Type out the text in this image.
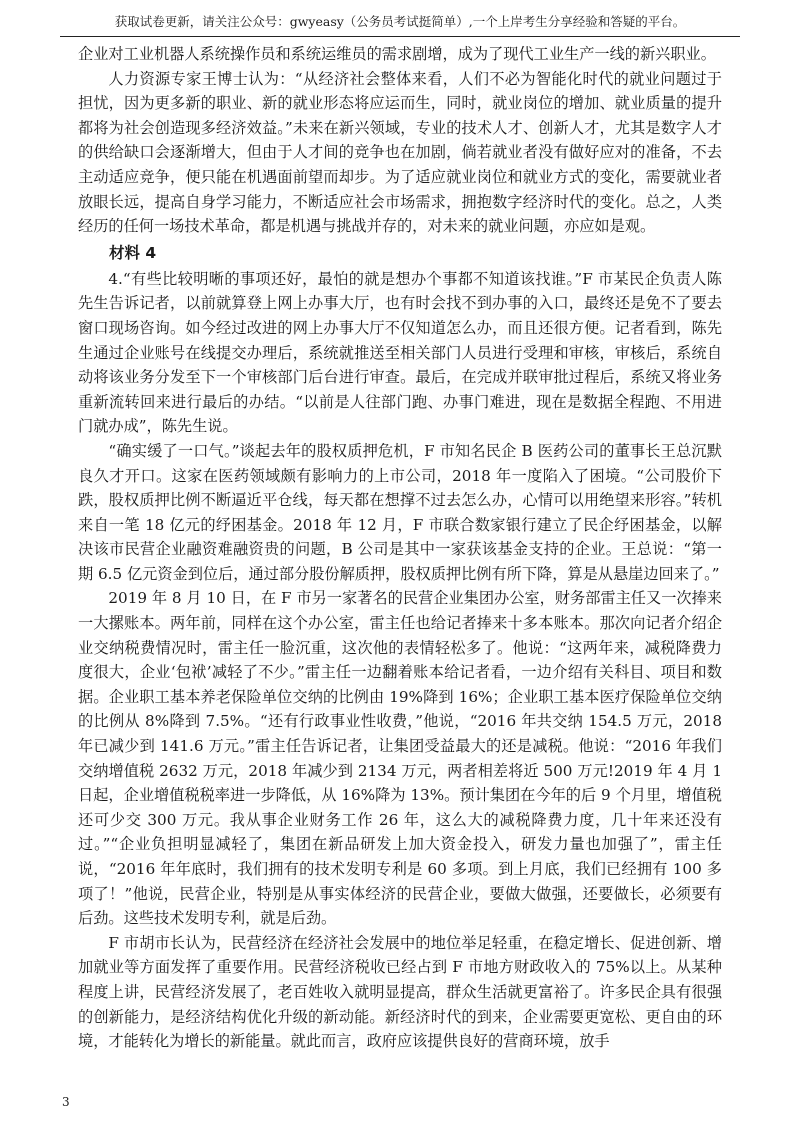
获取试卷更新，请关注公众号：gwyeasy（公务员考试挺简单）,一个上岸考生分享经验和答疑的平台。

企业对工业机器人系统操作员和系统运维员的需求剧增，成为了现代工业生产一线的新兴职业。

人力资源专家王博士认为：“从经济社会整体来看，人们不必为智能化时代的就业问题过于担忧，因为更多新的职业、新的就业形态将应运而生，同时，就业岗位的增加、就业质量的提升都将为社会创造现多经济效益。”未来在新兴领域，专业的技术人才、创新人才，尤其是数字人才的供给缺口会逐渐增大，但由于人才间的竞争也在加剧，倘若就业者没有做好应对的准备，不去主动适应竞争，便只能在机遇面前望而却步。为了适应就业岗位和就业方式的变化，需要就业者放眼长远，提高自身学习能力，不断适应社会市场需求，拥抱数字经济时代的变化。总之，人类经历的任何一场技术革命，都是机遇与挑战并存的，对未来的就业问题，亦应如是观。

材料 4

4.“有些比较明晰的事项还好，最怕的就是想办个事都不知道该找谁。”F 市某民企负责人陈先生告诉记者，以前就算登上网上办事大厅，也有时会找不到办事的入口，最终还是免不了要去窗口现场咨询。如今经过改进的网上办事大厅不仅知道怎么办，而且还很方便。记者看到，陈先生通过企业账号在线提交办理后，系统就推送至相关部门人员进行受理和审核，审核后，系统自动将该业务分发至下一个审核部门后台进行审查。最后，在完成并联审批过程后，系统又将业务重新流转回来进行最后的办结。“以前是人往部门跑、办事门难进，现在是数据全程跑、不用进门就办成”，陈先生说。

“确实缓了一口气。”谈起去年的股权质押危机，F 市知名民企 B 医药公司的董事长王总沉默良久才开口。这家在医药领域颇有影响力的上市公司，2018 年一度陷入了困境。“公司股价下跌，股权质押比例不断逼近平仓线，每天都在想撑不过去怎么办，心情可以用绝望来形容。”转机来自一笔 18 亿元的纾困基金。2018 年 12 月，F 市联合数家银行建立了民企纾困基金，以解决该市民营企业融资难融资贵的问题，B 公司是其中一家获该基金支持的企业。王总说：“第一期 6.5 亿元资金到位后，通过部分股份解质押，股权质押比例有所下降，算是从悬崖边回来了。”

2019 年 8 月 10 日，在 F 市另一家著名的民营企业集团办公室，财务部雷主任又一次捧来一大摞账本。两年前，同样在这个办公室，雷主任也给记者捧来十多本账本。那次向记者介绍企业交纳税费情况时，雷主任一脸沉重，这次他的表情轻松多了。他说：“这两年来，减税降费力度很大，企业‘包袱’减轻了不少。”雷主任一边翻着账本给记者看，一边介绍有关科目、项目和数据。企业职工基本养老保险单位交纳的比例由 19%降到 16%；企业职工基本医疗保险单位交纳的比例从 8%降到 7.5%。“还有行政事业性收费，”他说，“2016 年共交纳 154.5 万元，2018 年已减少到 141.6 万元。”雷主任告诉记者，让集团受益最大的还是减税。他说：“2016 年我们交纳增值税 2632 万元，2018 年减少到 2134 万元，两者相差将近 500 万元!2019 年 4 月 1 日起，企业增值税税率进一步降低，从 16%降为 13%。预计集团在今年的后 9 个月里，增值税还可少交 300 万元。我从事企业财务工作 26 年，这么大的减税降费力度，几十年来还没有过。”“企业负担明显减轻了，集团在新品研发上加大资金投入，研发力量也加强了”，雷主任说，“2016 年年底时，我们拥有的技术发明专利是 60 多项。到上月底，我们已经拥有 100 多项了！”他说，民营企业，特别是从事实体经济的民营企业，要做大做强，还要做长，必须要有后劲。这些技术发明专利，就是后劲。

F 市胡市长认为，民营经济在经济社会发展中的地位举足轻重，在稳定增长、促进创新、增加就业等方面发挥了重要作用。民营经济税收已经占到 F 市地方财政收入的 75%以上。从某种程度上讲，民营经济发展了，老百姓收入就明显提高，群众生活就更富裕了。许多民企具有很强的创新能力，是经济结构优化升级的新动能。新经济时代的到来，企业需要更宽松、更自由的环境，才能转化为增长的新能量。就此而言，政府应该提供良好的营商环境，放手

3
